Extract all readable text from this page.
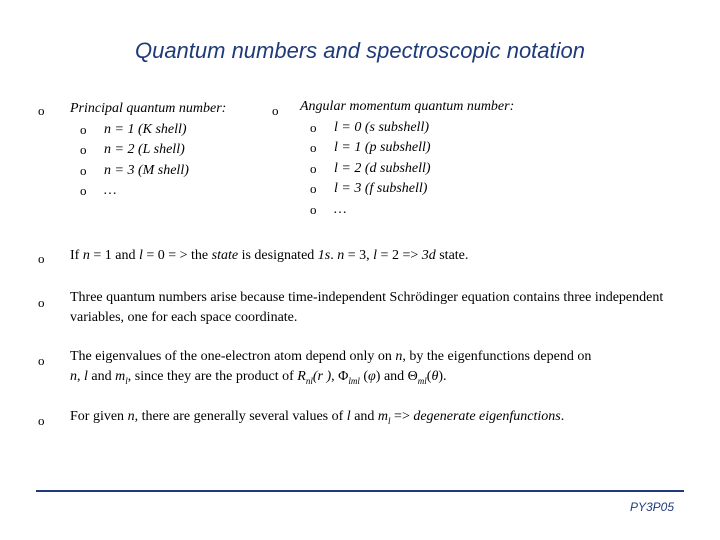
Quantum numbers and spectroscopic notation
o Principal quantum number:
o n = 1 (K shell)
o n = 2 (L shell)
o n = 3 (M shell)
o …
o Angular momentum quantum number:
o l = 0 (s subshell)
o l = 1 (p subshell)
o l = 2 (d subshell)
o l = 3 (f subshell)
o …
o If n = 1 and l = 0 = > the state is designated 1s. n = 3, l = 2 => 3d state.
o Three quantum numbers arise because time-independent Schrödinger equation contains three independent variables, one for each space coordinate.
o The eigenvalues of the one-electron atom depend only on n, by the eigenfunctions depend on
n, l and $m_l$, since they are the product of $R_{nl}(r$ ), $\Phi_{lml}$ (φ) and $\Theta_{ml}(\theta)$.
o For given n, there are generally several values of l and $m_l$ => degenerate eigenfunctions.
PY3P05
